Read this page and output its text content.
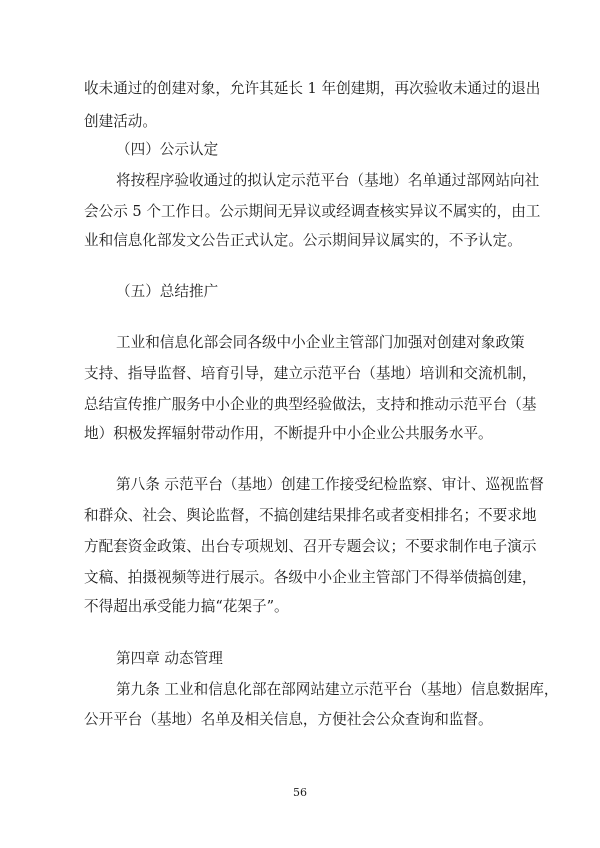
收未通过的创建对象，允许其延长 1 年创建期，再次验收未通过的退出
创建活动。
（四）公示认定
将按程序验收通过的拟认定示范平台（基地）名单通过部网站向社
会公示 5 个工作日。公示期间无异议或经调查核实异议不属实的，由工
业和信息化部发文公告正式认定。公示期间异议属实的，不予认定。
（五）总结推广
工业和信息化部会同各级中小企业主管部门加强对创建对象政策
支持、指导监督、培育引导，建立示范平台（基地）培训和交流机制，
总结宣传推广服务中小企业的典型经验做法，支持和推动示范平台（基
地）积极发挥辐射带动作用，不断提升中小企业公共服务水平。
第八条 示范平台（基地）创建工作接受纪检监察、审计、巡视监督
和群众、社会、舆论监督，不搞创建结果排名或者变相排名；不要求地
方配套资金政策、出台专项规划、召开专题会议；不要求制作电子演示
文稿、拍摄视频等进行展示。各级中小企业主管部门不得举债搞创建，
不得超出承受能力搞“花架子”。
第四章 动态管理
第九条 工业和信息化部在部网站建立示范平台（基地）信息数据库，
公开平台（基地）名单及相关信息，方便社会公众查询和监督。
56
